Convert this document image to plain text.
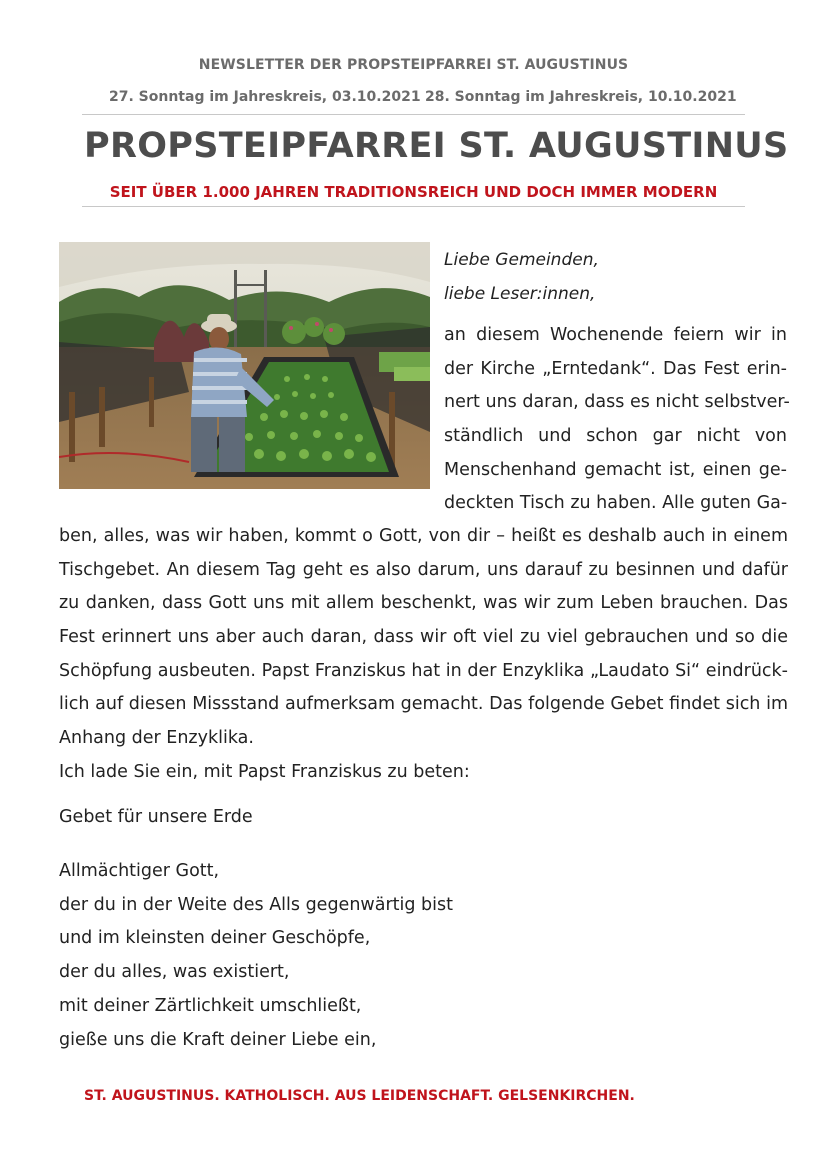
NEWSLETTER DER PROPSTEIPFARREI ST. AUGUSTINUS
27. Sonntag im Jahreskreis, 03.10.2021 28. Sonntag im Jahreskreis, 10.10.2021
PROPSTEIPFARREI ST. AUGUSTINUS
SEIT ÜBER 1.000 JAHREN TRADITIONSREICH UND DOCH IMMER MODERN
Liebe Gemeinden,
liebe Leser:innen,
an diesem Wochenende feiern wir in
der Kirche „Erntedank“. Das Fest erin-
nert uns daran, dass es nicht selbstver-
ständlich und schon gar nicht von
Menschenhand gemacht ist, einen ge-
deckten Tisch zu haben. Alle guten Ga-
ben, alles, was wir haben, kommt o Gott, von dir – heißt es deshalb auch in einem
Tischgebet. An diesem Tag geht es also darum, uns darauf zu besinnen und dafür
zu danken, dass Gott uns mit allem beschenkt, was wir zum Leben brauchen. Das
Fest erinnert uns aber auch daran, dass wir oft viel zu viel gebrauchen und so die
Schöpfung ausbeuten. Papst Franziskus hat in der Enzyklika „Laudato Si“ eindrück-
lich auf diesen Missstand aufmerksam gemacht. Das folgende Gebet findet sich im
Anhang der Enzyklika.
Ich lade Sie ein, mit Papst Franziskus zu beten:
Gebet für unsere Erde
Allmächtiger Gott,
der du in der Weite des Alls gegenwärtig bist
und im kleinsten deiner Geschöpfe,
der du alles, was existiert,
mit deiner Zärtlichkeit umschließt,
gieße uns die Kraft deiner Liebe ein,
ST. AUGUSTINUS. KATHOLISCH. AUS LEIDENSCHAFT. GELSENKIRCHEN.
